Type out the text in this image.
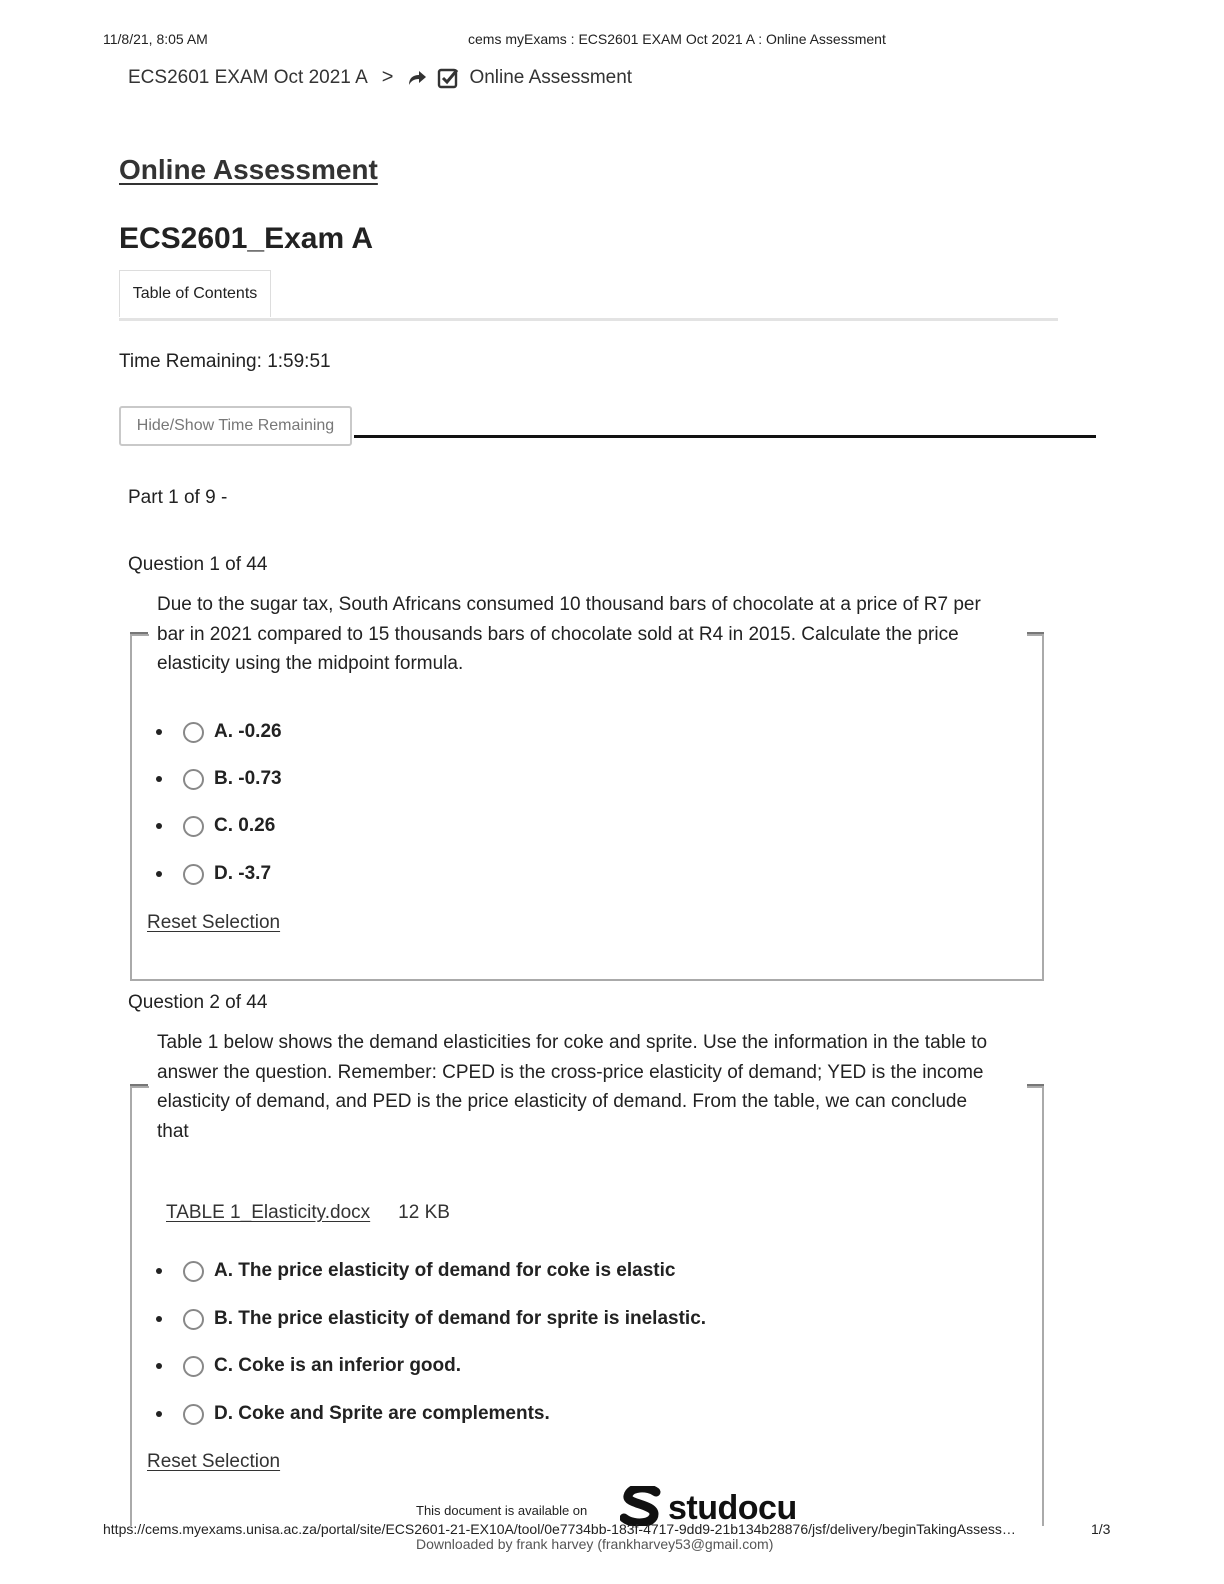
11/8/21, 8:05 AM	cems myExams : ECS2601 EXAM Oct 2021 A : Online Assessment
ECS2601 EXAM Oct 2021 A >	Online Assessment
Online Assessment
ECS2601_Exam A
Table of Contents
Time Remaining: 1:59:51
Hide/Show Time Remaining
Part 1 of 9 -
Question 1 of 44
Due to the sugar tax, South Africans consumed 10 thousand bars of chocolate at a price of R7 per
bar in 2021 compared to 15 thousands bars of chocolate sold at R4 in 2015. Calculate the price
elasticity using the midpoint formula.
A. -0.26
B. -0.73
C. 0.26
D. -3.7
Reset Selection
Question 2 of 44
Table 1 below shows the demand elasticities for coke and sprite. Use the information in the table to
answer the question. Remember: CPED is the cross-price elasticity of demand; YED is the income
elasticity of demand, and PED is the price elasticity of demand. From the table, we can conclude
that
TABLE 1_Elasticity.docx 12 KB
A. The price elasticity of demand for coke is elastic
B. The price elasticity of demand for sprite is inelastic.
C. Coke is an inferior good.
D. Coke and Sprite are complements.
Reset Selection
This document is available on studocu
https://cems.myexams.unisa.ac.za/portal/site/ECS2601-21-EX10A/tool/0e7734bb-183f-4717-9dd9-21b134b28876/jsf/delivery/beginTakingAssess…	1/3
Downloaded by frank harvey (frankharvey53@gmail.com)
